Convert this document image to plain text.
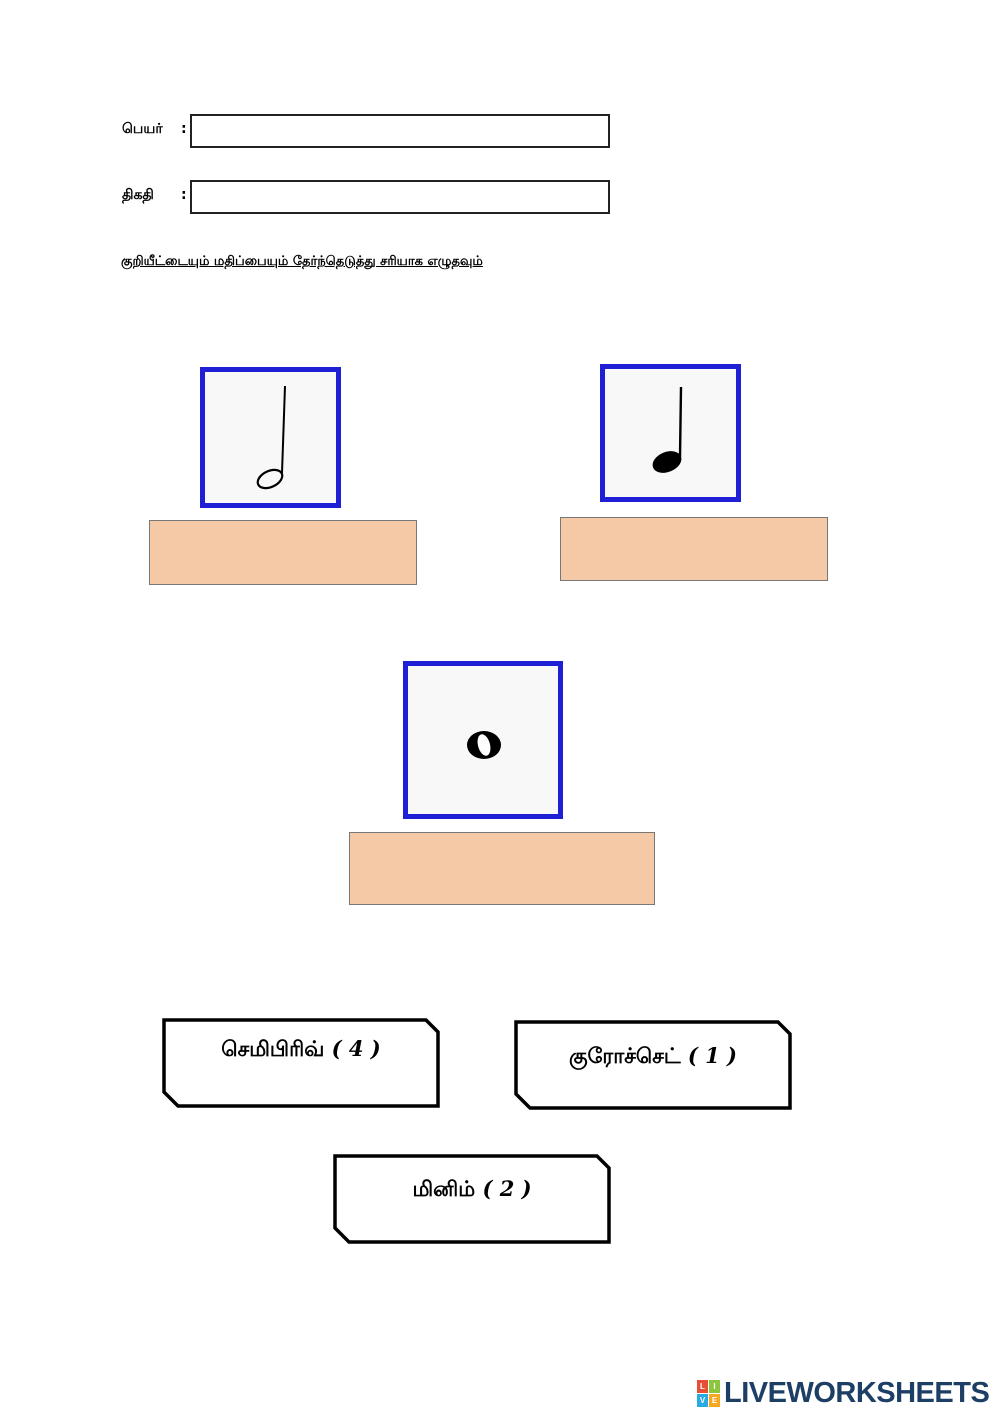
பெயர் :
திகதி :
குறியீட்டையும் மதிப்பையும் தேர்ந்தெடுத்து சரியாக எழுதவும்
செமிபிரிவ் ( 4 )	குரோச்செட் ( 1 )
மினிம் ( 2 )
L	I
V E LIVEWORKSHEETS
